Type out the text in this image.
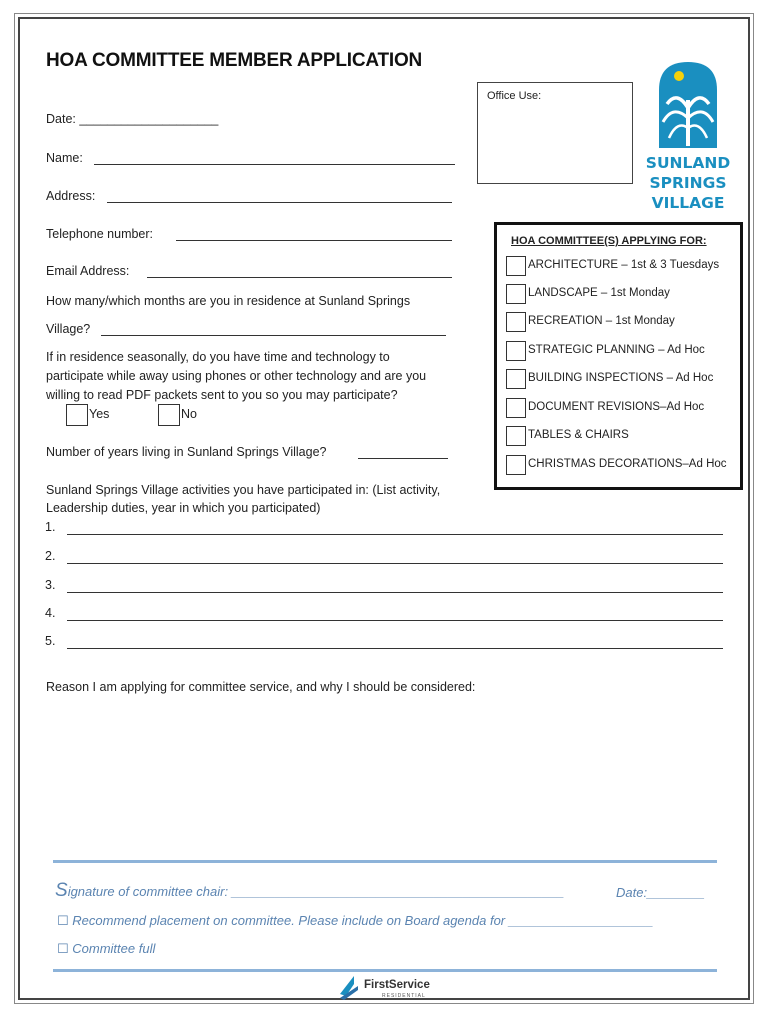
HOA COMMITTEE MEMBER APPLICATION
Office Use:
SUNLAND
SPRINGS
VILLAGE
Date: ____________________
Name:
Address:
Telephone number:
Email Address:
How many/which months are you in residence at Sunland Springs
Village?
If in residence seasonally, do you have time and technology to
participate while away using phones or other technology and are you
willing to read PDF packets sent to you so you may participate?
Yes	No
Number of years living in Sunland Springs Village?
HOA COMMITTEE(S) APPLYING FOR:
ARCHITECTURE – 1st & 3 Tuesdays
LANDSCAPE – 1st Monday
RECREATION – 1st Monday
STRATEGIC PLANNING – Ad Hoc
BUILDING INSPECTIONS – Ad Hoc
DOCUMENT REVISIONS–Ad Hoc
TABLES & CHAIRS
CHRISTMAS DECORATIONS–Ad Hoc
Sunland Springs Village activities you have participated in: (List activity,
Leadership duties, year in which you participated)
1.
2.
3.
4.
5.
Reason I am applying for committee service, and why I should be considered:
Signature of committee chair: ______________________________________________	Date:________
☐ Recommend placement on committee. Please include on Board agenda for ____________________
☐ Committee full
FirstService
RESIDENTIAL
